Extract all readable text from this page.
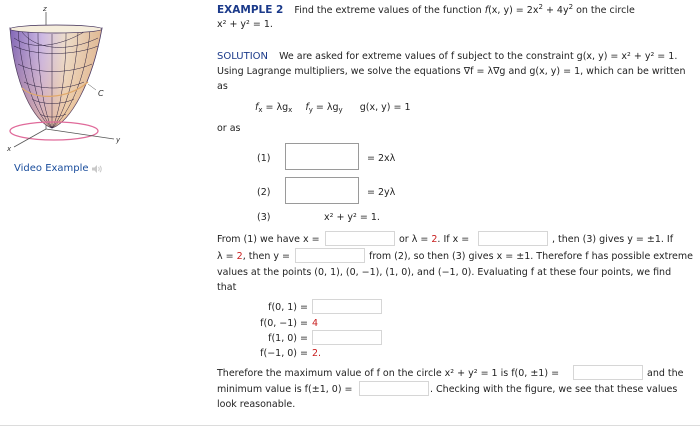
z
x
y
C
Video Example
EXAMPLE 2 Find the extreme values of the function f(x, $y) = 2x^2 + 4y^2$ on the circle
x² + y² = 1.
SOLUTION We are asked for extreme values of f subject to the constraint g(x, y) = x² + y² = 1.
Using Lagrange multipliers, we solve the equations ∇f = λ∇g and g(x, y) = 1, which can be written
as
$f_x = \lambda g_x$ $f_y = \lambda g_y$ g(x, y) = 1
or as
(1)	= 2xλ
(2)	= 2yλ
(3)	x² + y² = 1.
From (1) we have x =	or λ = 2. If x =	, then (3) gives y = ±1. If
λ = 2, then y =	from (2), so then (3) gives x = ±1. Therefore f has possible extreme
values at the points (0, 1), (0, −1), (1, 0), and (−1, 0). Evaluating f at these four points, we find
that
f(0, 1) =
f(0, −1) = 4
f(1, 0) =
f(−1, 0) = 2.
Therefore the maximum value of f on the circle x² + y² = 1 is f(0, ±1) =	and the
minimum value is f(±1, 0) =	. Checking with the figure, we see that these values
look reasonable.
